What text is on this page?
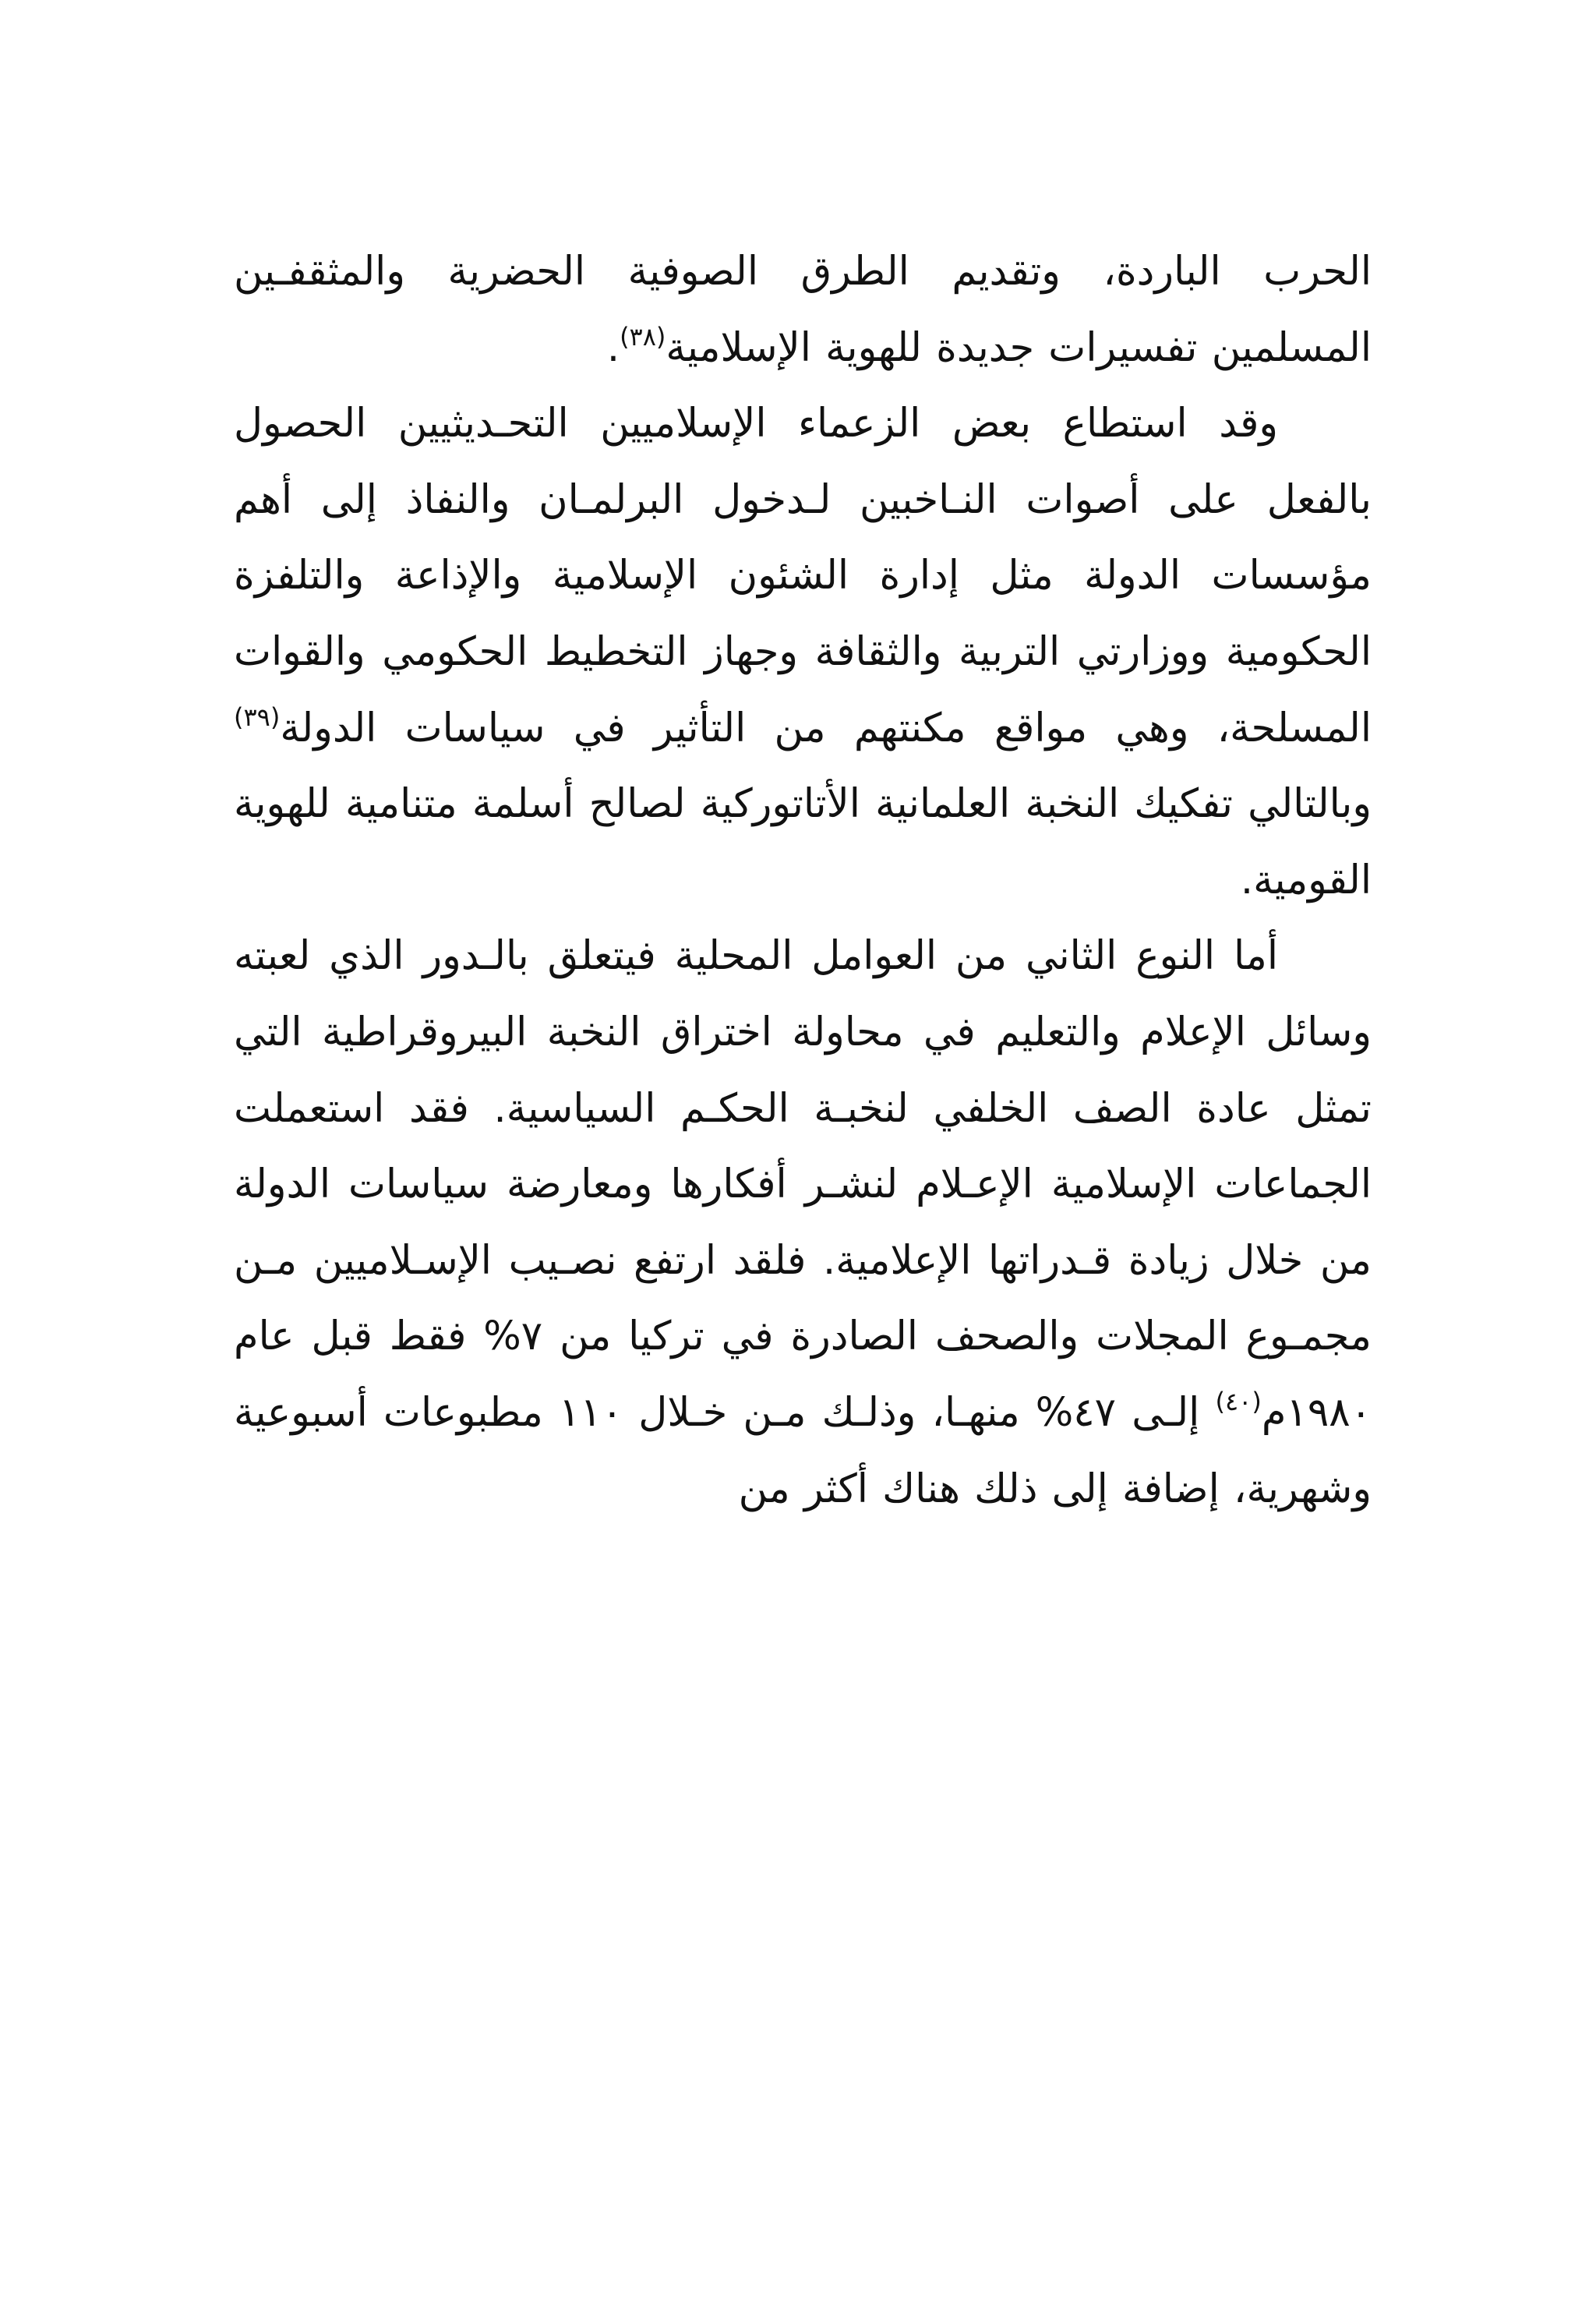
الحرب الباردة، وتقديم الطرق الصوفية الحضرية والمثقفـين المسلمين تفسيرات جديدة للهوية الإسلامية$^{(٣٨)}$.

وقد استطاع بعض الزعماء الإسلاميين التحـديثيين الحصول بالفعل على أصوات النـاخبين لـدخول البرلمـان والنفاذ إلى أهم مؤسسات الدولة مثل إدارة الشئون الإسلامية والإذاعة والتلفزة الحكومية ووزارتي التربية والثقافة وجهاز التخطيط الحكومي والقوات المسلحة، وهي مواقع مكنتهم من التأثير في سياسات الدولة$^{(٣٩)}$ وبالتالي تفكيك النخبة العلمانية الأتاتوركية لصالح أسلمة متنامية للهوية القومية.

أما النوع الثاني من العوامل المحلية فيتعلق بالـدور الذي لعبته وسائل الإعلام والتعليم في محاولة اختراق النخبة البيروقراطية التي تمثل عادة الصف الخلفي لنخبـة الحكـم السياسية. فقد استعملت الجماعات الإسلامية الإعـلام لنشـر أفكارها ومعارضة سياسات الدولة من خلال زيادة قـدراتها الإعلامية. فلقد ارتفع نصـيب الإسـلاميين مـن مجمـوع المجلات والصحف الصادرة في تركيا من ٧% فقط قبل عام ١٩٨٠م$^{(٤٠)}$ إلـى ٤٧% منهـا، وذلـك مـن خـلال ١١٠ مطبوعات أسبوعية وشهرية، إضافة إلى ذلك هناك أكثر من
